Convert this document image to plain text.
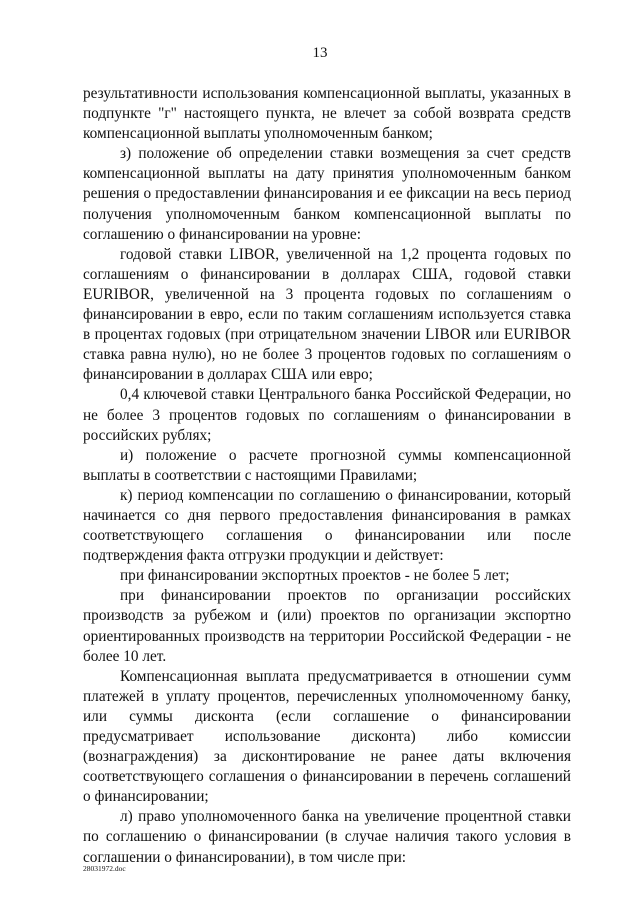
13

результативности использования компенсационной выплаты, указанных в подпункте "г" настоящего пункта, не влечет за собой возврата средств компенсационной выплаты уполномоченным банком;

з) положение об определении ставки возмещения за счет средств компенсационной выплаты на дату принятия уполномоченным банком решения о предоставлении финансирования и ее фиксации на весь период получения уполномоченным банком компенсационной выплаты по соглашению о финансировании на уровне:

годовой ставки LIBOR, увеличенной на 1,2 процента годовых по соглашениям о финансировании в долларах США, годовой ставки EURIBOR, увеличенной на 3 процента годовых по соглашениям о финансировании в евро, если по таким соглашениям используется ставка в процентах годовых (при отрицательном значении LIBOR или EURIBOR ставка равна нулю), но не более 3 процентов годовых по соглашениям о финансировании в долларах США или евро;

0,4 ключевой ставки Центрального банка Российской Федерации, но не более 3 процентов годовых по соглашениям о финансировании в российских рублях;

и) положение о расчете прогнозной суммы компенсационной выплаты в соответствии с настоящими Правилами;

к) период компенсации по соглашению о финансировании, который начинается со дня первого предоставления финансирования в рамках соответствующего соглашения о финансировании или после подтверждения факта отгрузки продукции и действует:

при финансировании экспортных проектов - не более 5 лет;

при финансировании проектов по организации российских производств за рубежом и (или) проектов по организации экспортно ориентированных производств на территории Российской Федерации - не более 10 лет.

Компенсационная выплата предусматривается в отношении сумм платежей в уплату процентов, перечисленных уполномоченному банку, или суммы дисконта (если соглашение о финансировании предусматривает использование дисконта) либо комиссии (вознаграждения) за дисконтирование не ранее даты включения соответствующего соглашения о финансировании в перечень соглашений о финансировании;

л) право уполномоченного банка на увеличение процентной ставки по соглашению о финансировании (в случае наличия такого условия в соглашении о финансировании), в том числе при:

28031972.doc
